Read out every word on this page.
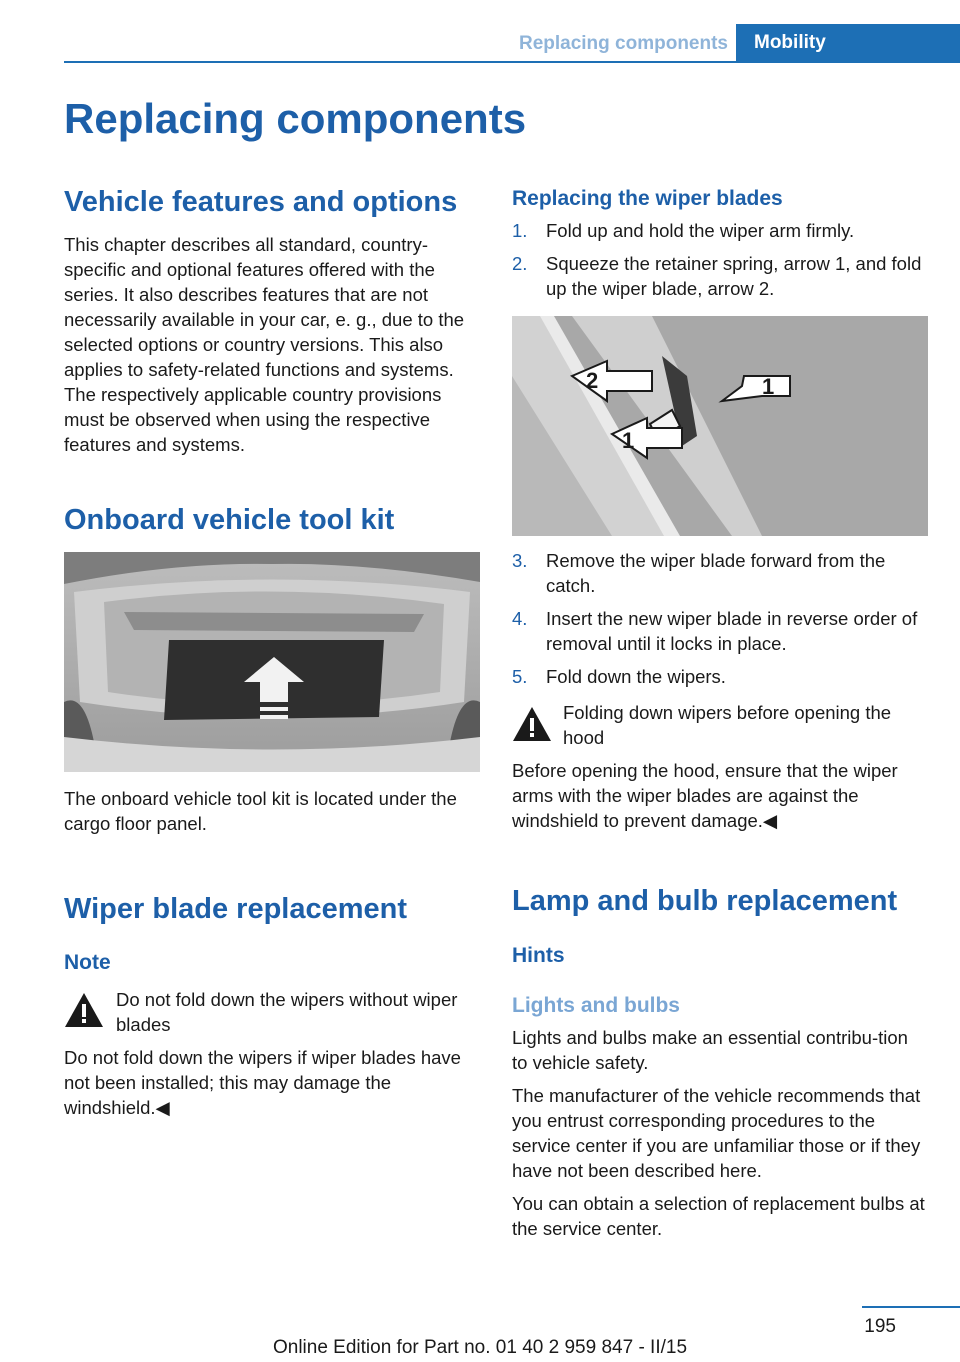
Replacing components	Mobility
Replacing components
Vehicle features and options

This chapter describes all standard, country-specific and optional features offered with the series. It also describes features that are not necessarily available in your car, e. g., due to the selected options or country versions. This also applies to safety-related functions and systems. The respectively applicable country provisions must be observed when using the respective features and systems.

Onboard vehicle tool kit

The onboard vehicle tool kit is located under the cargo floor panel.

Wiper blade replacement
Note
Do not fold down the wipers without wiper blades

Do not fold down the wipers if wiper blades have not been installed; this may damage the windshield.◀

Replacing the wiper blades
1. Fold up and hold the wiper arm firmly.
2. Squeeze the retainer spring, arrow 1, and fold up the wiper blade, arrow 2.
2	1
1
3. Remove the wiper blade forward from the catch.
4. Insert the new wiper blade in reverse order of removal until it locks in place.
5. Fold down the wipers.
Folding down wipers before opening the hood

Before opening the hood, ensure that the wiper arms with the wiper blades are against the windshield to prevent damage.◀

Lamp and bulb replacement
Hints
Lights and bulbs

Lights and bulbs make an essential contribu-tion to vehicle safety.

The manufacturer of the vehicle recommends that you entrust corresponding procedures to the service center if you are unfamiliar those or if they have not been described here.

You can obtain a selection of replacement bulbs at the service center.

195
Online Edition for Part no. 01 40 2 959 847 - II/15
